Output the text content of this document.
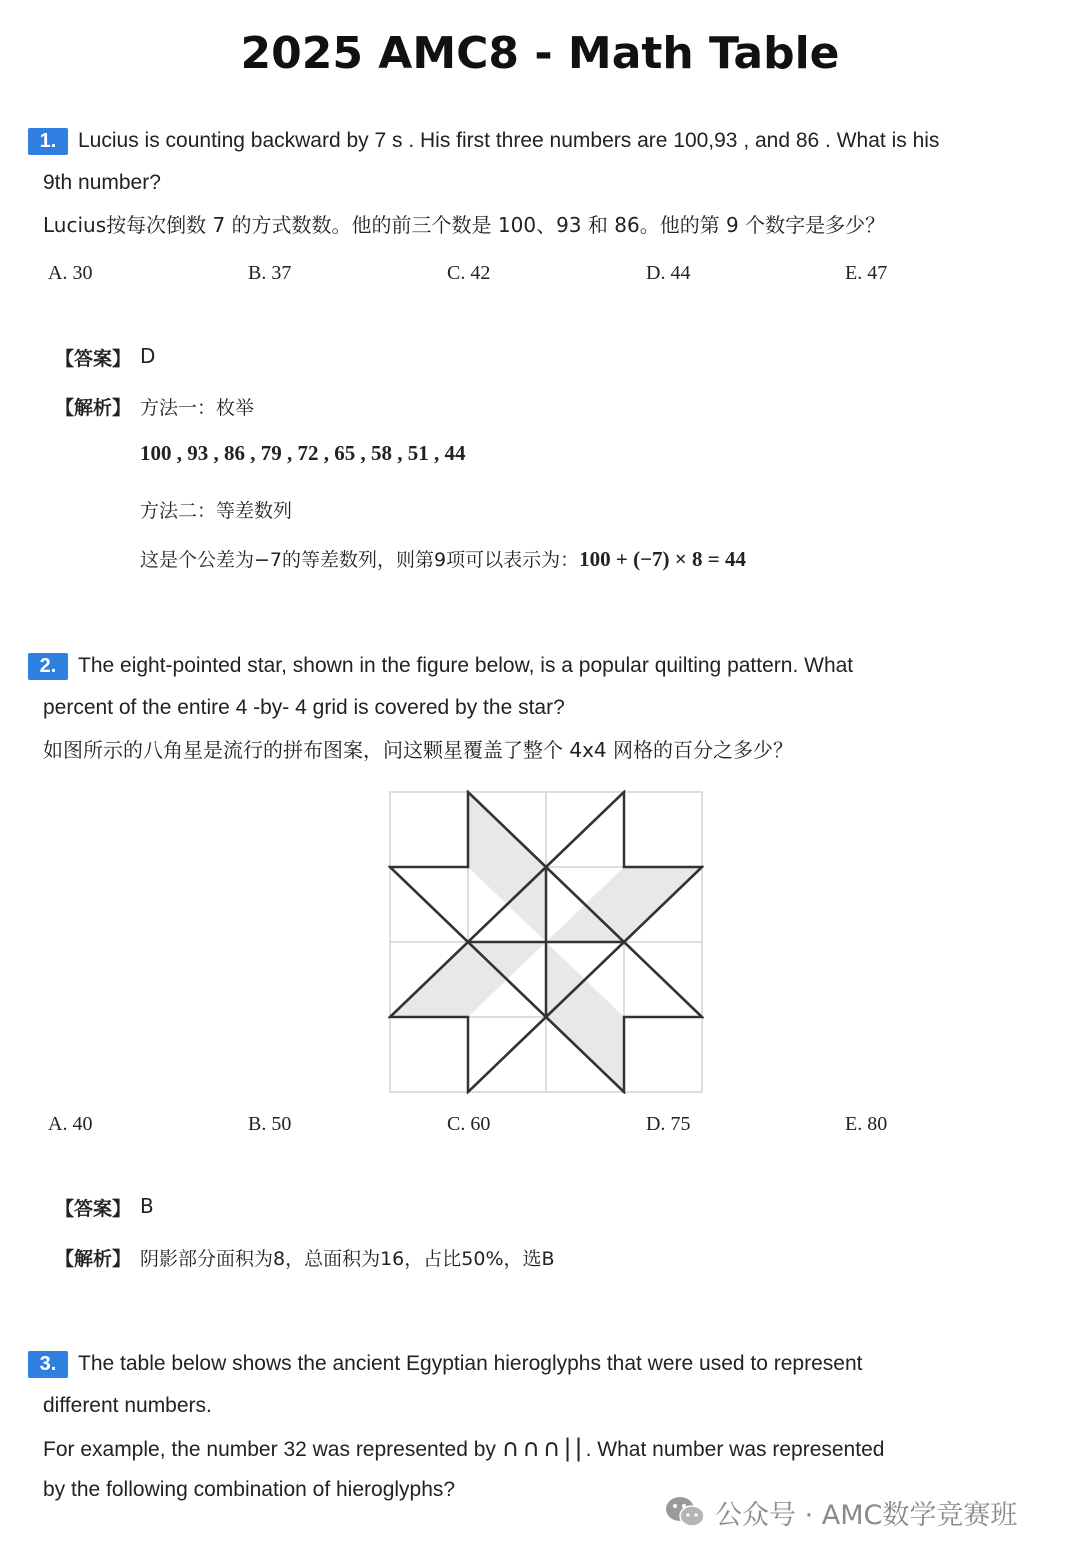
2025 AMC8 - Math Table
1.	Lucius is counting backward by 7 s . His first three numbers are 100,93 , and 86 . What is his
9th number?
Lucius按每次倒数 7 的方式数数。他的前三个数是 100、93 和 86。他的第 9 个数字是多少？
A. 30	B. 37	C. 42	D. 44	E. 47
【答案】 D
【解析】 方法一：枚举
100 , 93 , 86 , 79 , 72 , 65 , 58 , 51 , 44
方法二：等差数列
这是个公差为−7的等差数列，则第9项可以表示为：100 + (−7) × 8 = 44
2.	The eight-pointed star, shown in the figure below, is a popular quilting pattern. What
percent of the entire 4 -by- 4 grid is covered by the star?
如图所示的八角星是流行的拼布图案，问这颗星覆盖了整个 4x4 网格的百分之多少？
A. 40	B. 50	C. 60	D. 75	E. 80
【答案】 B
【解析】 阴影部分面积为8，总面积为16，占比50%，选B
3.	The table below shows the ancient Egyptian hieroglyphs that were used to represent
different numbers.
For example, the number 32 was represented by ∩∩∩||. What number was represented
by the following combination of hieroglyphs?
公众号 · AMC数学竞赛班
